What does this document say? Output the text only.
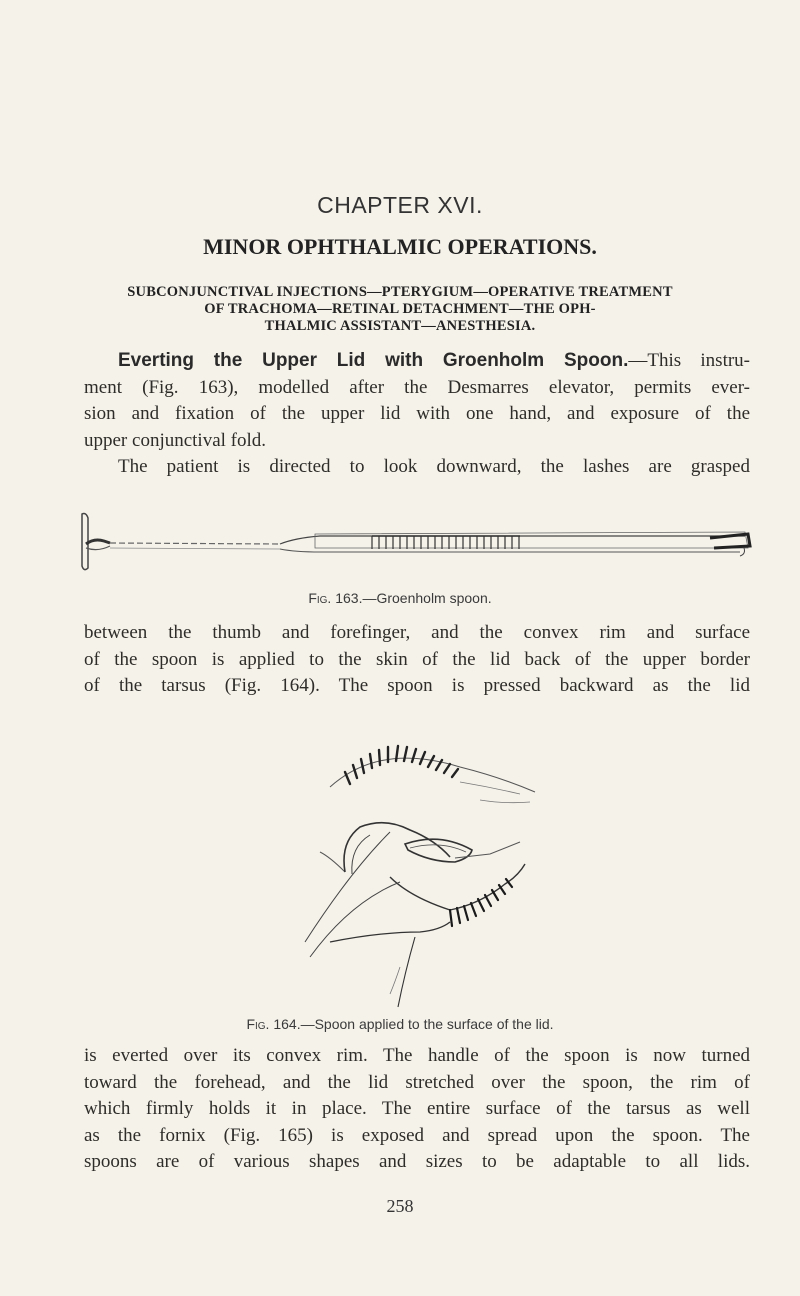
CHAPTER XVI.
MINOR OPHTHALMIC OPERATIONS.
SUBCONJUNCTIVAL INJECTIONS—PTERYGIUM—OPERATIVE TREATMENT
OF TRACHOMA—RETINAL DETACHMENT—THE OPH-
THALMIC ASSISTANT—ANESTHESIA.
Everting the Upper Lid with Groenholm Spoon.—This instru-
ment (Fig. 163), modelled after the Desmarres elevator, permits ever-
sion and fixation of the upper lid with one hand, and exposure of the
upper conjunctival fold.
The patient is directed to look downward, the lashes are grasped
Fig. 163.—Groenholm spoon.
between the thumb and forefinger, and the convex rim and surface
of the spoon is applied to the skin of the lid back of the upper border
of the tarsus (Fig. 164). The spoon is pressed backward as the lid
Fig. 164.—Spoon applied to the surface of the lid.
is everted over its convex rim. The handle of the spoon is now turned
toward the forehead, and the lid stretched over the spoon, the rim of
which firmly holds it in place. The entire surface of the tarsus as well
as the fornix (Fig. 165) is exposed and spread upon the spoon. The
spoons are of various shapes and sizes to be adaptable to all lids.
258
